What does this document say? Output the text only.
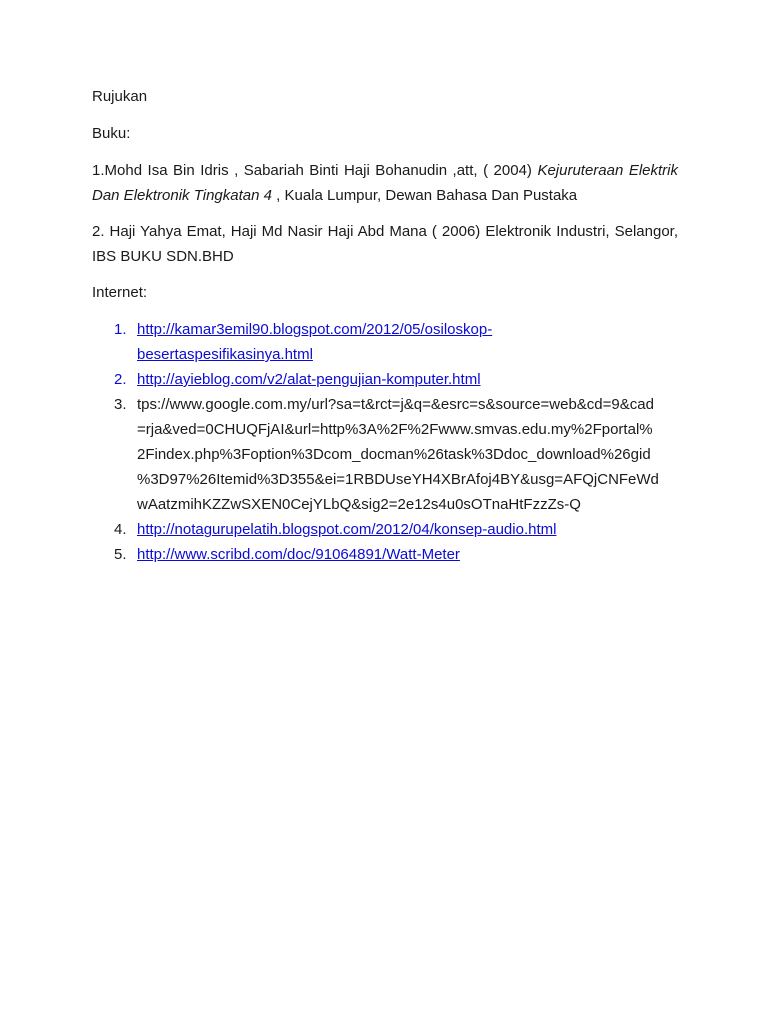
Rujukan

Buku:

1.Mohd Isa Bin Idris , Sabariah Binti Haji Bohanudin ,att, ( 2004) Kejuruteraan Elektrik Dan Elektronik Tingkatan 4 , Kuala Lumpur, Dewan Bahasa Dan Pustaka

2. Haji Yahya Emat, Haji Md Nasir Haji Abd Mana ( 2006) Elektronik Industri, Selangor, IBS BUKU SDN.BHD

Internet:

1. http://kamar3emil90.blogspot.com/2012/05/osiloskop-
besertaspesifikasinya.html
2. http://ayieblog.com/v2/alat-pengujian-komputer.html
3. tps://www.google.com.my/url?sa=t&rct=j&q=&esrc=s&source=web&cd=9&cad
=rja&ved=0CHUQFjAI&url=http%3A%2F%2Fwww.smvas.edu.my%2Fportal%
2Findex.php%3Foption%3Dcom_docman%26task%3Ddoc_download%26gid
%3D97%26Itemid%3D355&ei=1RBDUseYH4XBrAfoj4BY&usg=AFQjCNFeWd
wAatzmihKZZwSXEN0CejYLbQ&sig2=2e12s4u0sOTnaHtFzzZs-Q
4. http://notagurupelatih.blogspot.com/2012/04/konsep-audio.html
5. http://www.scribd.com/doc/91064891/Watt-Meter
